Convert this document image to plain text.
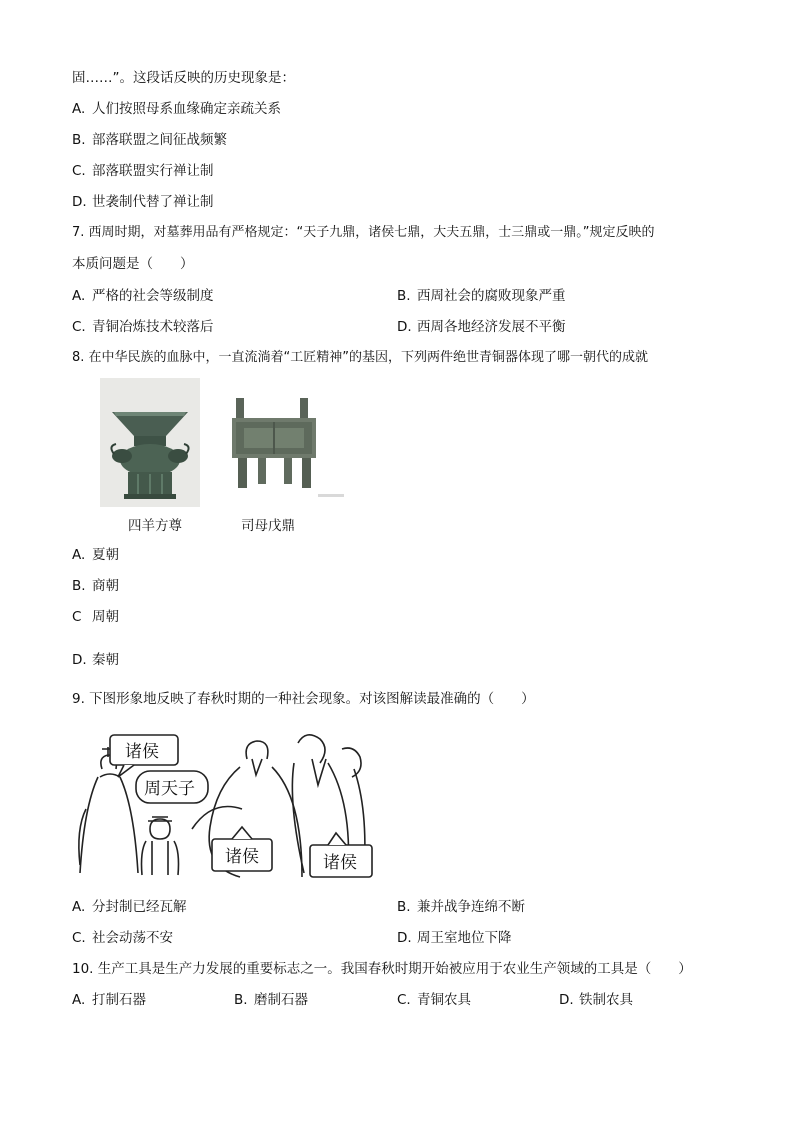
固……”。这段话反映的历史现象是：
A. 人们按照母系血缘确定亲疏关系
B. 部落联盟之间征战频繁
C. 部落联盟实行禅让制
D. 世袭制代替了禅让制
7. 西周时期，对墓葬用品有严格规定：“天子九鼎，诸侯七鼎，大夫五鼎，士三鼎或一鼎。”规定反映的
本质问题是（　　）
A. 严格的社会等级制度	B. 西周社会的腐败现象严重
C. 青铜冶炼技术较落后	D. 西周各地经济发展不平衡
8. 在中华民族的血脉中，一直流淌着“工匠精神”的基因，下列两件绝世青铜器体现了哪一朝代的成就
四羊方尊	司母戊鼎
A. 夏朝
B. 商朝
C 周朝
D. 秦朝
9. 下图形象地反映了春秋时期的一种社会现象。对该图解读最准确的（　　）
诸侯
周天子
诸侯	诸侯
A. 分封制已经瓦解	B. 兼并战争连绵不断
C. 社会动荡不安	D. 周王室地位下降
10. 生产工具是生产力发展的重要标志之一。我国春秋时期开始被应用于农业生产领域的工具是（　　）
A. 打制石器	B. 磨制石器	C. 青铜农具	D. 铁制农具
